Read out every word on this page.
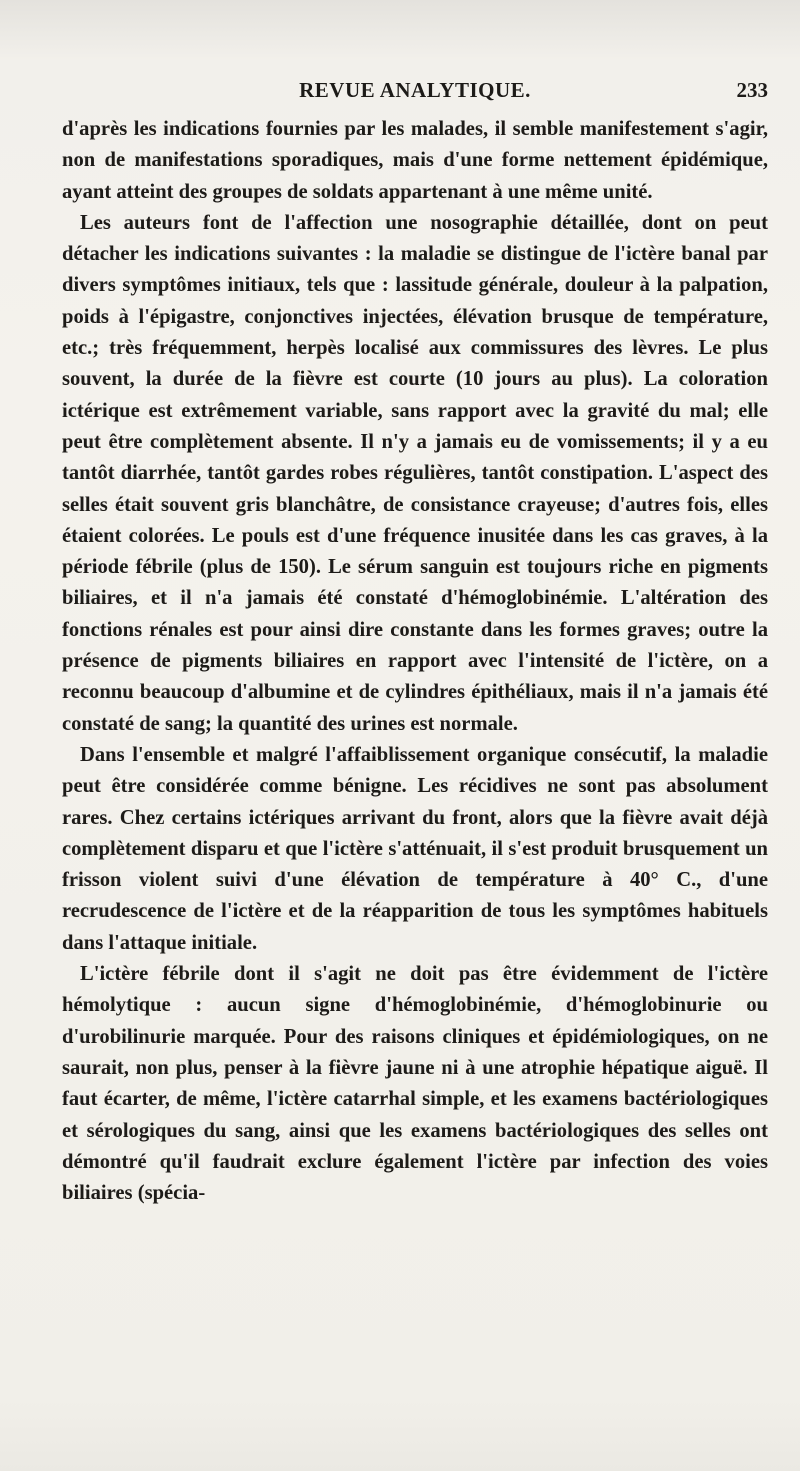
REVUE ANALYTIQUE.	233

d'après les indications fournies par les malades, il semble manifestement s'agir, non de manifestations sporadiques, mais d'une forme nettement épidémique, ayant atteint des groupes de soldats appartenant à une même unité.

Les auteurs font de l'affection une nosographie détaillée, dont on peut détacher les indications suivantes : la maladie se distingue de l'ictère banal par divers symptômes initiaux, tels que : lassitude générale, douleur à la palpation, poids à l'épigastre, conjonctives injectées, élévation brusque de température, etc.; très fréquemment, herpès localisé aux commissures des lèvres. Le plus souvent, la durée de la fièvre est courte (10 jours au plus). La coloration ictérique est extrêmement variable, sans rapport avec la gravité du mal; elle peut être complètement absente. Il n'y a jamais eu de vomissements; il y a eu tantôt diarrhée, tantôt gardes robes régulières, tantôt constipation. L'aspect des selles était souvent gris blanchâtre, de consistance crayeuse; d'autres fois, elles étaient colorées. Le pouls est d'une fréquence inusitée dans les cas graves, à la période fébrile (plus de 150). Le sérum sanguin est toujours riche en pigments biliaires, et il n'a jamais été constaté d'hémoglobinémie. L'altération des fonctions rénales est pour ainsi dire constante dans les formes graves; outre la présence de pigments biliaires en rapport avec l'intensité de l'ictère, on a reconnu beaucoup d'albumine et de cylindres épithéliaux, mais il n'a jamais été constaté de sang; la quantité des urines est normale.

Dans l'ensemble et malgré l'affaiblissement organique consécutif, la maladie peut être considérée comme bénigne. Les récidives ne sont pas absolument rares. Chez certains ictériques arrivant du front, alors que la fièvre avait déjà complètement disparu et que l'ictère s'atténuait, il s'est produit brusquement un frisson violent suivi d'une élévation de température à 40° C., d'une recrudescence de l'ictère et de la réapparition de tous les symptômes habituels dans l'attaque initiale.

L'ictère fébrile dont il s'agit ne doit pas être évidemment de l'ictère hémolytique : aucun signe d'hémoglobinémie, d'hémoglobinurie ou d'urobilinurie marquée. Pour des raisons cliniques et épidémiologiques, on ne saurait, non plus, penser à la fièvre jaune ni à une atrophie hépatique aiguë. Il faut écarter, de même, l'ictère catarrhal simple, et les examens bactériologiques et sérologiques du sang, ainsi que les examens bactériologiques des selles ont démontré qu'il faudrait exclure également l'ictère par infection des voies biliaires (spécia-
